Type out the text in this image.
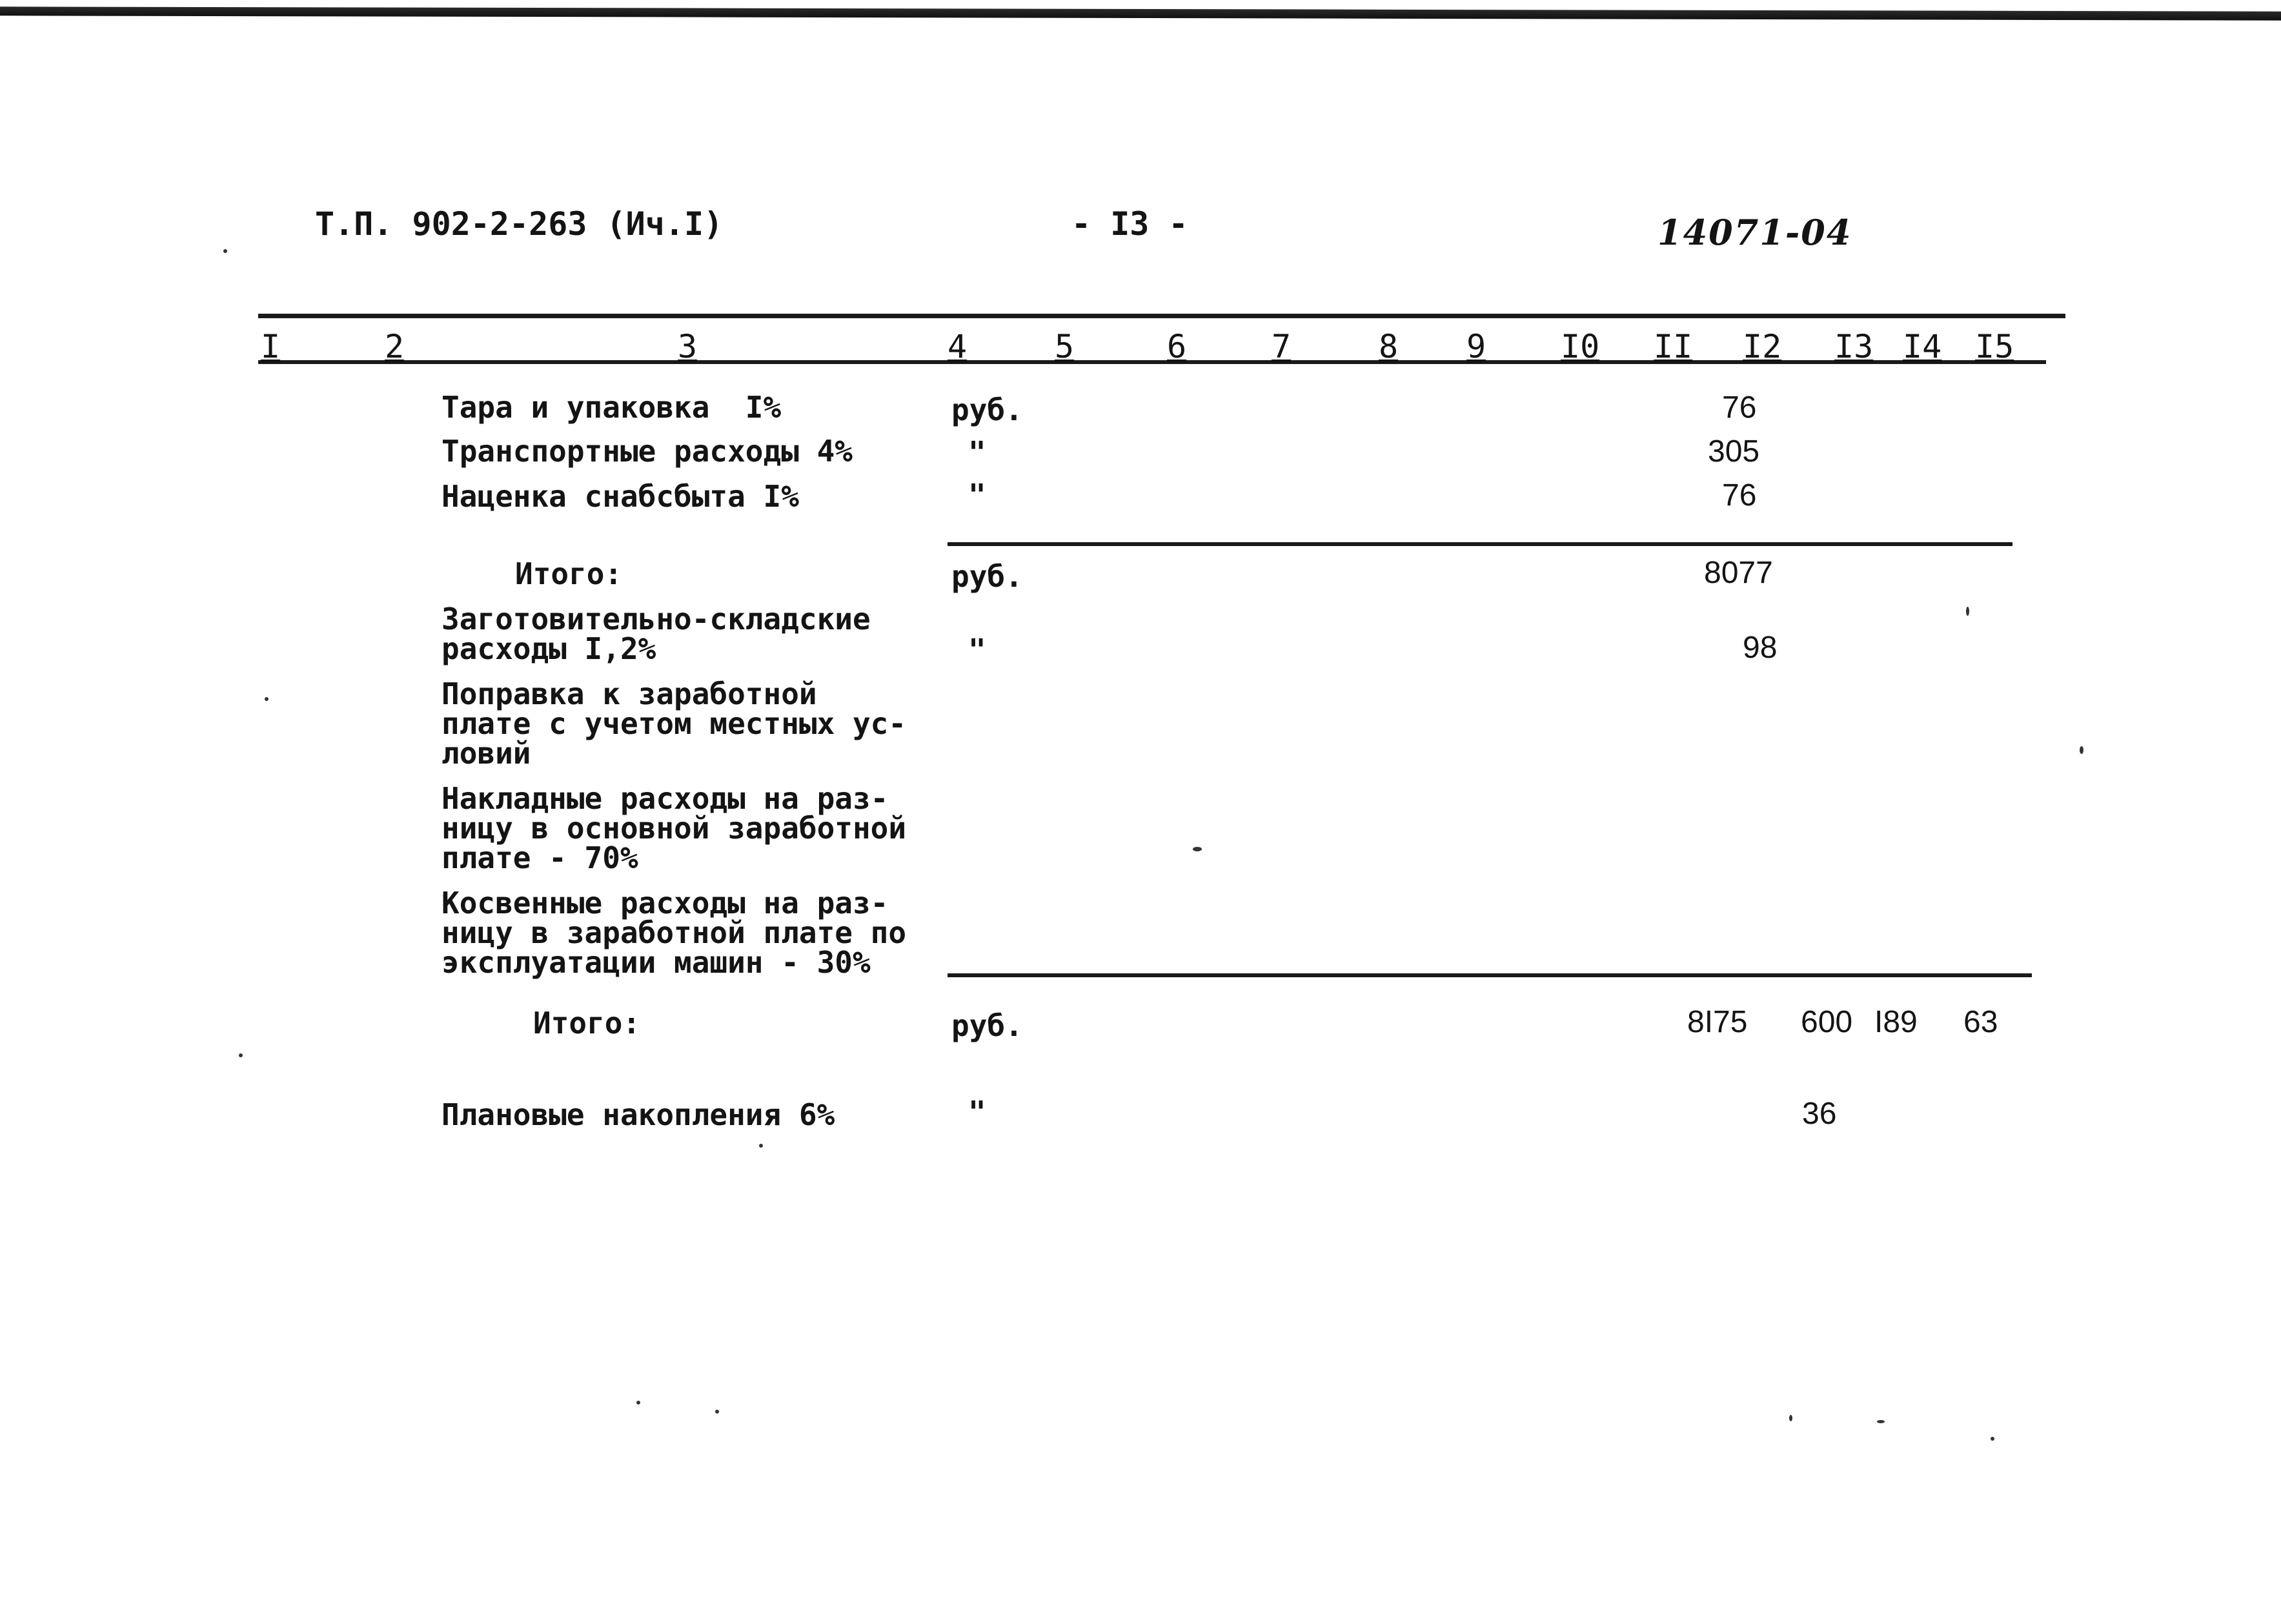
Т.П. 902-2-263 (Ич.I)	- I3 -	14071-04
I	2	3	4	5	6	7	8 9 I0 II I2 I3 I4 I5
Тара и упаковка  I%	руб.	76
Транспортные расходы 4%	"	305
Наценка снабсбыта I%	"	76
Итого:	руб.	8077
Заготовительно-складские
расходы I,2%	"	98
Поправка к заработной
плате с учетом местных ус-
ловий
Накладные расходы на раз-
ницу в основной заработной
плате - 70%
Косвенные расходы на раз-
ницу в заработной плате по
эксплуатации машин - 30%
Итого:	руб.	8I75 600 I89 63
Плановые накопления 6%	"	36
